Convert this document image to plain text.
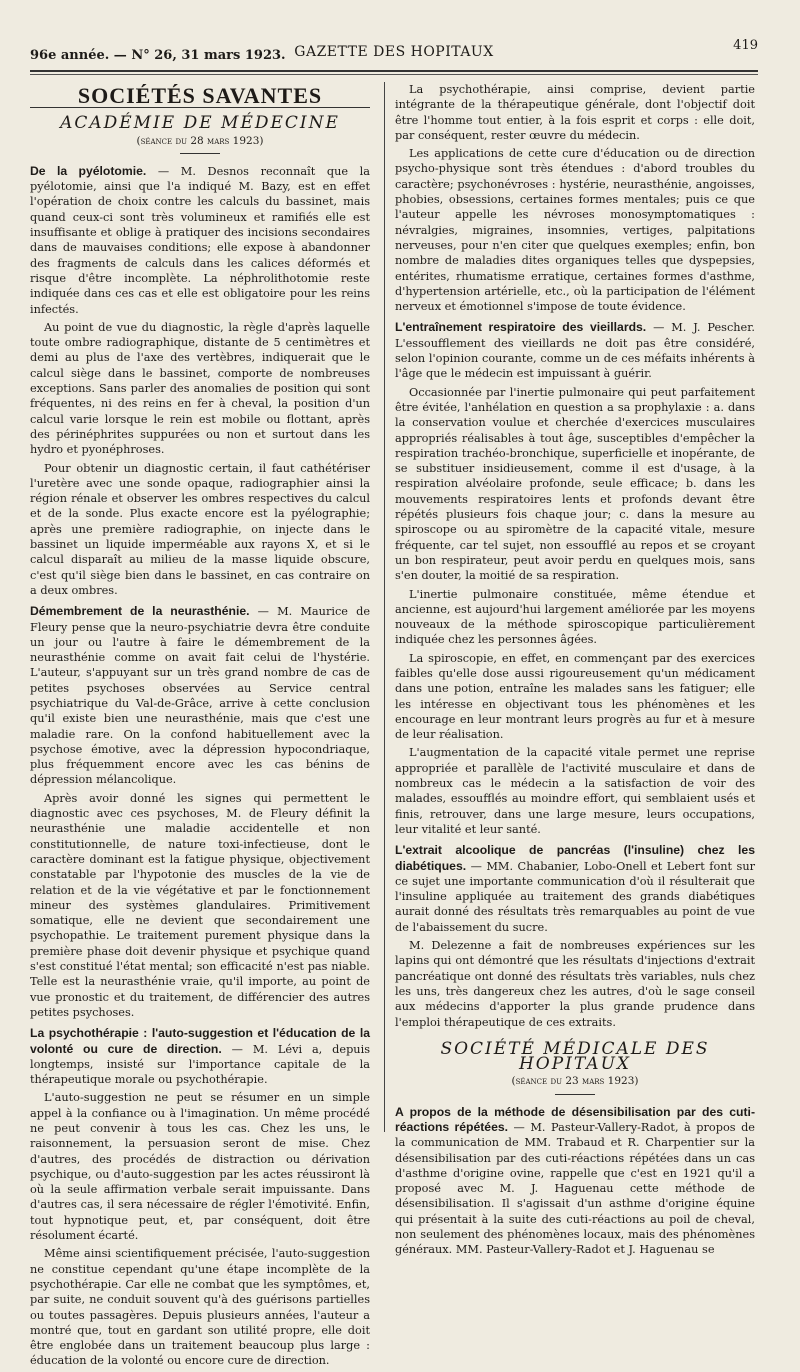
96e année. — N° 26, 31 mars 1923. GAZETTE DES HOPITAUX	419
SOCIÉTÉS SAVANTES
ACADÉMIE DE MÉDECINE
(séance du 28 mars 1923)

De la pyélotomie. — M. Desnos reconnaît que la pyélotomie, ainsi que l'a indiqué M. Bazy, est en effet l'opération de choix contre les calculs du bassinet, mais quand ceux-ci sont très volumineux et ramifiés elle est insuffisante et oblige à pratiquer des incisions secondaires dans de mauvaises conditions; elle expose à abandonner des fragments de calculs dans les calices déformés et risque d'être incomplète. La néphrolithotomie reste indiquée dans ces cas et elle est obligatoire pour les reins infectés.

Au point de vue du diagnostic, la règle d'après laquelle toute ombre radiographique, distante de 5 centimètres et demi au plus de l'axe des vertèbres, indiquerait que le calcul siège dans le bassinet, comporte de nombreuses exceptions. Sans parler des anomalies de position qui sont fréquentes, ni des reins en fer à cheval, la position d'un calcul varie lorsque le rein est mobile ou flottant, après des périnéphrites suppurées ou non et surtout dans les hydro et pyonéphroses.

Pour obtenir un diagnostic certain, il faut cathétériser l'uretère avec une sonde opaque, radiographier ainsi la région rénale et observer les ombres respectives du calcul et de la sonde. Plus exacte encore est la pyélographie; après une première radiographie, on injecte dans le bassinet un liquide imperméable aux rayons X, et si le calcul disparaît au milieu de la masse liquide obscure, c'est qu'il siège bien dans le bassinet, en cas contraire on a deux ombres.

Démembrement de la neurasthénie. — M. Maurice de Fleury pense que la neuro-psychiatrie devra être conduite un jour ou l'autre à faire le démembrement de la neurasthénie comme on avait fait celui de l'hystérie. L'auteur, s'appuyant sur un très grand nombre de cas de petites psychoses observées au Service central psychiatrique du Val-de-Grâce, arrive à cette conclusion qu'il existe bien une neurasthénie, mais que c'est une maladie rare. On la confond habituellement avec la psychose émotive, avec la dépression hypocondriaque, plus fréquemment encore avec les cas bénins de dépression mélancolique.

Après avoir donné les signes qui permettent le diagnostic avec ces psychoses, M. de Fleury définit la neurasthénie une maladie accidentelle et non constitutionnelle, de nature toxi-infectieuse, dont le caractère dominant est la fatigue physique, objectivement constatable par l'hypotonie des muscles de la vie de relation et de la vie végétative et par le fonctionnement mineur des systèmes glandulaires. Primitivement somatique, elle ne devient que secondairement une psychopathie. Le traitement purement physique dans la première phase doit devenir physique et psychique quand s'est constitué l'état mental; son efficacité n'est pas niable. Telle est la neurasthénie vraie, qu'il importe, au point de vue pronostic et du traitement, de différencier des autres petites psychoses.

La psychothérapie : l'auto-suggestion et l'éducation de la volonté ou cure de direction. — M. Lévi a, depuis longtemps, insisté sur l'importance capitale de la thérapeutique morale ou psychothérapie.

L'auto-suggestion ne peut se résumer en un simple appel à la confiance ou à l'imagination. Un même procédé ne peut convenir à tous les cas. Chez les uns, le raisonnement, la persuasion seront de mise. Chez d'autres, des procédés de distraction ou dérivation psychique, ou d'auto-suggestion par les actes réussiront là où la seule affirmation verbale serait impuissante. Dans d'autres cas, il sera nécessaire de régler l'émotivité. Enfin, tout hypnotique peut, et, par conséquent, doit être résolument écarté.

Même ainsi scientifiquement précisée, l'auto-suggestion ne constitue cependant qu'une étape incomplète de la psychothérapie. Car elle ne combat que les symptômes, et, par suite, ne conduit souvent qu'à des guérisons partielles ou toutes passagères. Depuis plusieurs années, l'auteur a montré que, tout en gardant son utilité propre, elle doit être englobée dans un traitement beaucoup plus large : éducation de la volonté ou encore cure de direction.

La psychothérapie, ainsi comprise, devient partie intégrante de la thérapeutique générale, dont l'objectif doit être l'homme tout entier, à la fois esprit et corps : elle doit, par conséquent, rester œuvre du médecin.

Les applications de cette cure d'éducation ou de direction psycho-physique sont très étendues : d'abord troubles du caractère; psychonévroses : hystérie, neurasthénie, angoisses, phobies, obsessions, certaines formes mentales; puis ce que l'auteur appelle les névroses monosymptomatiques : névralgies, migraines, insomnies, vertiges, palpitations nerveuses, pour n'en citer que quelques exemples; enfin, bon nombre de maladies dites organiques telles que dyspepsies, entérites, rhumatisme erratique, certaines formes d'asthme, d'hypertension artérielle, etc., où la participation de l'élément nerveux et émotionnel s'impose de toute évidence.

L'entraînement respiratoire des vieillards. — M. J. Pescher. L'essoufflement des vieillards ne doit pas être considéré, selon l'opinion courante, comme un de ces méfaits inhérents à l'âge que le médecin est impuissant à guérir.

Occasionnée par l'inertie pulmonaire qui peut parfaitement être évitée, l'anhélation en question a sa prophylaxie : a. dans la conservation voulue et cherchée d'exercices musculaires appropriés réalisables à tout âge, susceptibles d'empêcher la respiration trachéo-bronchique, superficielle et inopérante, de se substituer insidieusement, comme il est d'usage, à la respiration alvéolaire profonde, seule efficace; b. dans les mouvements respiratoires lents et profonds devant être répétés plusieurs fois chaque jour; c. dans la mesure au spiroscope ou au spiromètre de la capacité vitale, mesure fréquente, car tel sujet, non essoufflé au repos et se croyant un bon respirateur, peut avoir perdu en quelques mois, sans s'en douter, la moitié de sa respiration.

L'inertie pulmonaire constituée, même étendue et ancienne, est aujourd'hui largement améliorée par les moyens nouveaux de la méthode spiroscopique particulièrement indiquée chez les personnes âgées.

La spiroscopie, en effet, en commençant par des exercices faibles qu'elle dose aussi rigoureusement qu'un médicament dans une potion, entraîne les malades sans les fatiguer; elle les intéresse en objectivant tous les phénomènes et les encourage en leur montrant leurs progrès au fur et à mesure de leur réalisation.

L'augmentation de la capacité vitale permet une reprise appropriée et parallèle de l'activité musculaire et dans de nombreux cas le médecin a la satisfaction de voir des malades, essoufflés au moindre effort, qui semblaient usés et finis, retrouver, dans une large mesure, leurs occupations, leur vitalité et leur santé.

L'extrait alcoolique de pancréas (l'insuline) chez les diabétiques. — MM. Chabanier, Lobo-Onell et Lebert font sur ce sujet une importante communication d'où il résulterait que l'insuline appliquée au traitement des grands diabétiques aurait donné des résultats très remarquables au point de vue de l'abaissement du sucre.

M. Delezenne a fait de nombreuses expériences sur les lapins qui ont démontré que les résultats d'injections d'extrait pancréatique ont donné des résultats très variables, nuls chez les uns, très dangereux chez les autres, d'où le sage conseil aux médecins d'apporter la plus grande prudence dans l'emploi thérapeutique de ces extraits.

SOCIÉTÉ MÉDICALE DES HOPITAUX
(séance du 23 mars 1923)

A propos de la méthode de désensibilisation par des cuti-réactions répétées. — M. Pasteur-Vallery-Radot, à propos de la communication de MM. Trabaud et R. Charpentier sur la désensibilisation par des cuti-réactions répétées dans un cas d'asthme d'origine ovine, rappelle que c'est en 1921 qu'il a proposé avec M. J. Haguenau cette méthode de désensibilisation. Il s'agissait d'un asthme d'origine équine qui présentait à la suite des cuti-réactions au poil de cheval, non seulement des phénomènes locaux, mais des phénomènes généraux. MM. Pasteur-Vallery-Radot et J. Haguenau se
